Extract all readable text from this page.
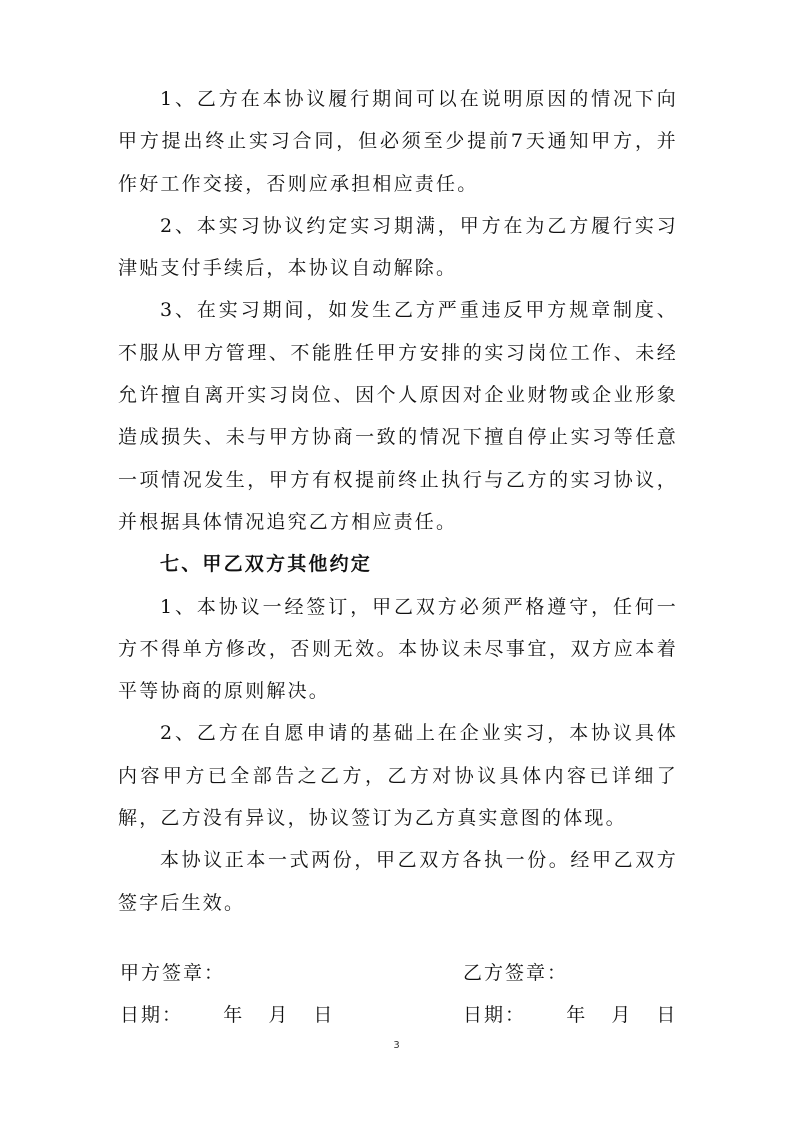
1、乙方在本协议履行期间可以在说明原因的情况下向甲方提出终止实习合同，但必须至少提前7天通知甲方，并作好工作交接，否则应承担相应责任。

2、本实习协议约定实习期满，甲方在为乙方履行实习津贴支付手续后，本协议自动解除。

3、在实习期间，如发生乙方严重违反甲方规章制度、不服从甲方管理、不能胜任甲方安排的实习岗位工作、未经允许擅自离开实习岗位、因个人原因对企业财物或企业形象造成损失、未与甲方协商一致的情况下擅自停止实习等任意一项情况发生，甲方有权提前终止执行与乙方的实习协议，并根据具体情况追究乙方相应责任。

七、甲乙双方其他约定

1、本协议一经签订，甲乙双方必须严格遵守，任何一方不得单方修改，否则无效。本协议未尽事宜，双方应本着平等协商的原则解决。

2、乙方在自愿申请的基础上在企业实习，本协议具体内容甲方已全部告之乙方，乙方对协议具体内容已详细了解，乙方没有异议，协议签订为乙方真实意图的体现。

本协议正本一式两份，甲乙双方各执一份。经甲乙双方签字后生效。

甲方签章：	乙方签章：
日期：     年   月   日	日期：     年   月   日
3
